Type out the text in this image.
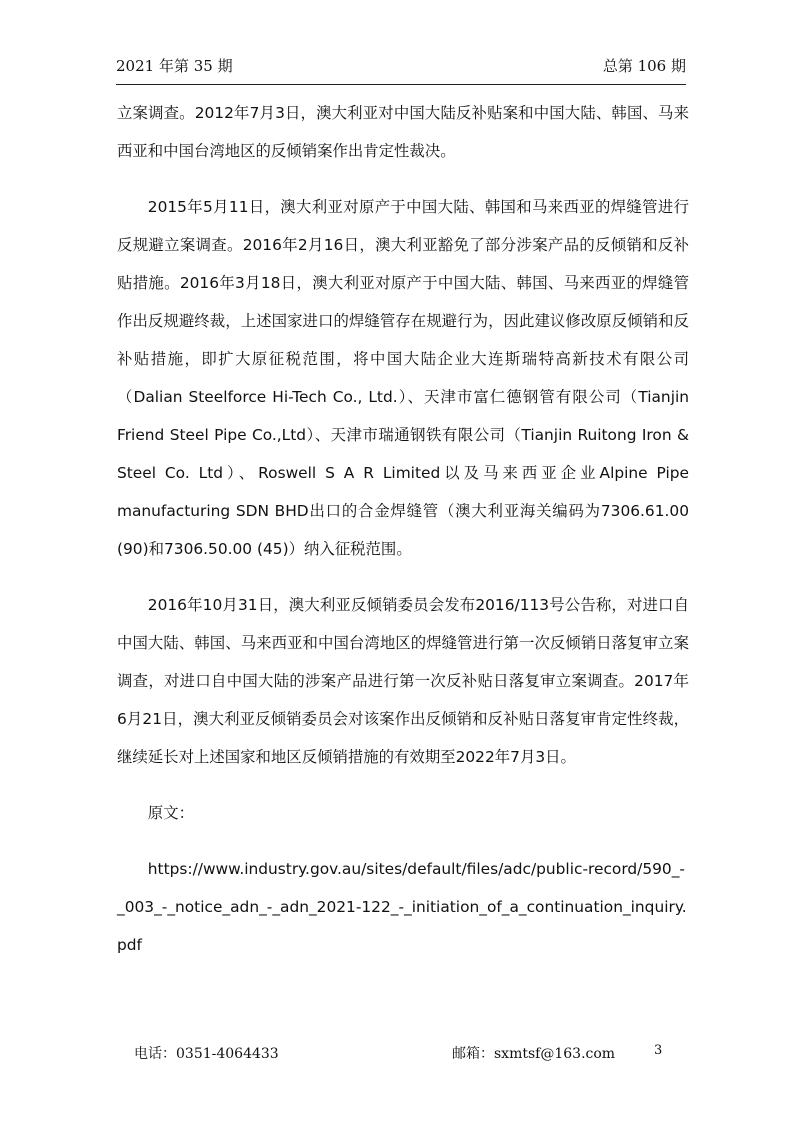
2021 年第 35 期	总第 106 期

立案调查。2012年7月3日，澳大利亚对中国大陆反补贴案和中国大陆、韩国、马来西亚和中国台湾地区的反倾销案作出肯定性裁决。

2015年5月11日，澳大利亚对原产于中国大陆、韩国和马来西亚的焊缝管进行反规避立案调查。2016年2月16日，澳大利亚豁免了部分涉案产品的反倾销和反补贴措施。2016年3月18日，澳大利亚对原产于中国大陆、韩国、马来西亚的焊缝管作出反规避终裁，上述国家进口的焊缝管存在规避行为，因此建议修改原反倾销和反补贴措施，即扩大原征税范围，将中国大陆企业大连斯瑞特高新技术有限公司（Dalian Steelforce Hi-Tech Co., Ltd.）、天津市富仁德钢管有限公司（Tianjin Friend Steel Pipe Co.,Ltd）、天津市瑞通钢铁有限公司（Tianjin Ruitong Iron & Steel Co. Ltd）、Roswell S A R Limited以及马来西亚企业Alpine Pipe manufacturing SDN BHD出口的合金焊缝管（澳大利亚海关编码为7306.61.00 (90)和7306.50.00 (45)）纳入征税范围。

2016年10月31日，澳大利亚反倾销委员会发布2016/113号公告称，对进口自中国大陆、韩国、马来西亚和中国台湾地区的焊缝管进行第一次反倾销日落复审立案调查，对进口自中国大陆的涉案产品进行第一次反补贴日落复审立案调查。2017年6月21日，澳大利亚反倾销委员会对该案作出反倾销和反补贴日落复审肯定性终裁，继续延长对上述国家和地区反倾销措施的有效期至2022年7月3日。

原文：

https://www.industry.gov.au/sites/default/files/adc/public-record/590_-_003_-_notice_adn_-_adn_2021-122_-_initiation_of_a_continuation_inquiry.pdf

电话：0351-4064433	邮箱：sxmtsf@163.com	3
